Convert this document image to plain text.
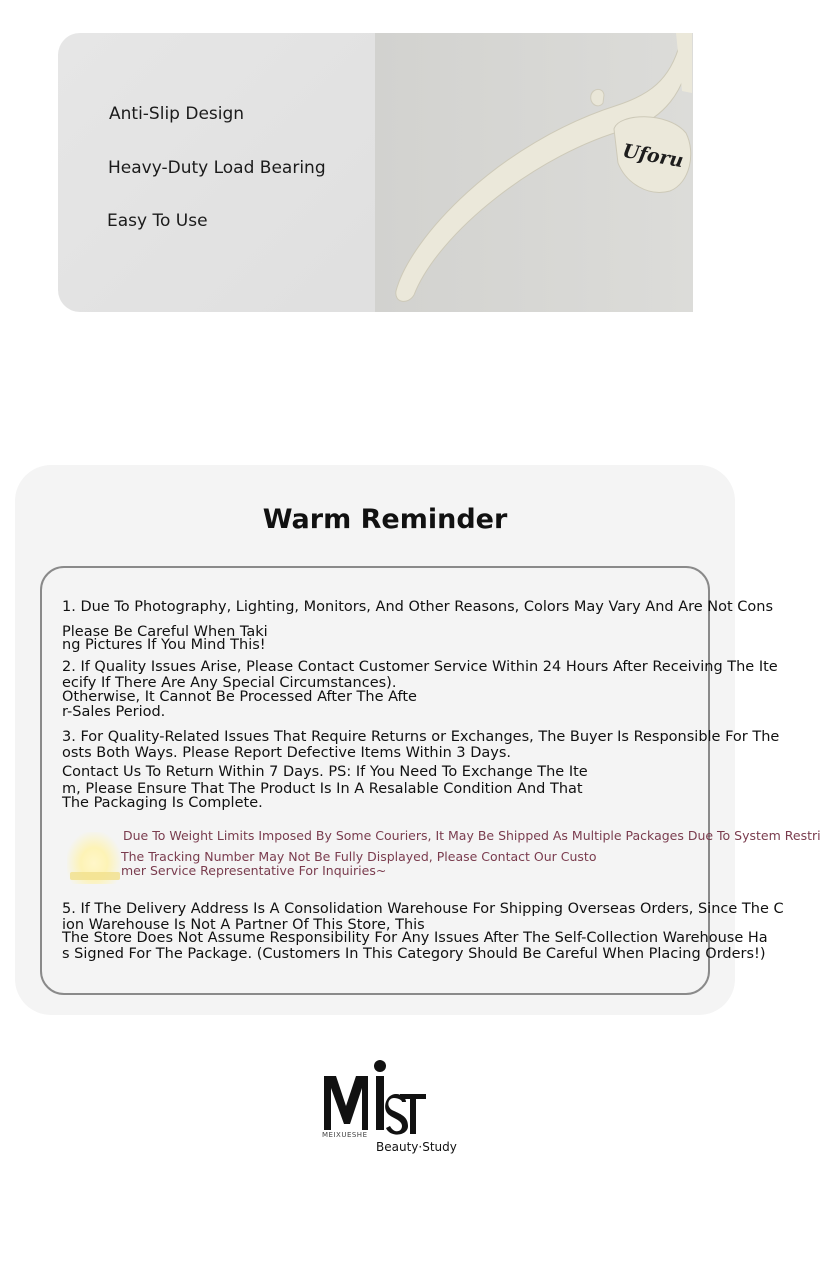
Uforu
Anti-Slip Design
Heavy-Duty Load Bearing
Easy To Use
Warm Reminder
1. Due To Photography, Lighting, Monitors, And Other Reasons, Colors May Vary And Are Not Cons
Please Be Careful When Taki
ng Pictures If You Mind This!
2. If Quality Issues Arise, Please Contact Customer Service Within 24 Hours After Receiving The Ite
ecify If There Are Any Special Circumstances).
Otherwise, It Cannot Be Processed After The Afte
r-Sales Period.
3. For Quality-Related Issues That Require Returns or Exchanges, The Buyer Is Responsible For The
osts Both Ways. Please Report Defective Items Within 3 Days.
Contact Us To Return Within 7 Days. PS: If You Need To Exchange The Ite
m, Please Ensure That The Product Is In A Resalable Condition And That
The Packaging Is Complete.
Due To Weight Limits Imposed By Some Couriers, It May Be Shipped As Multiple Packages Due To System Restri
The Tracking Number May Not Be Fully Displayed, Please Contact Our Custo
mer Service Representative For Inquiries~
5. If The Delivery Address Is A Consolidation Warehouse For Shipping Overseas Orders, Since The C
ion Warehouse Is Not A Partner Of This Store, This
The Store Does Not Assume Responsibility For Any Issues After The Self-Collection Warehouse Ha
s Signed For The Package. (Customers In This Category Should Be Careful When Placing Orders!)
MEIXUESHE
Beauty·Study
